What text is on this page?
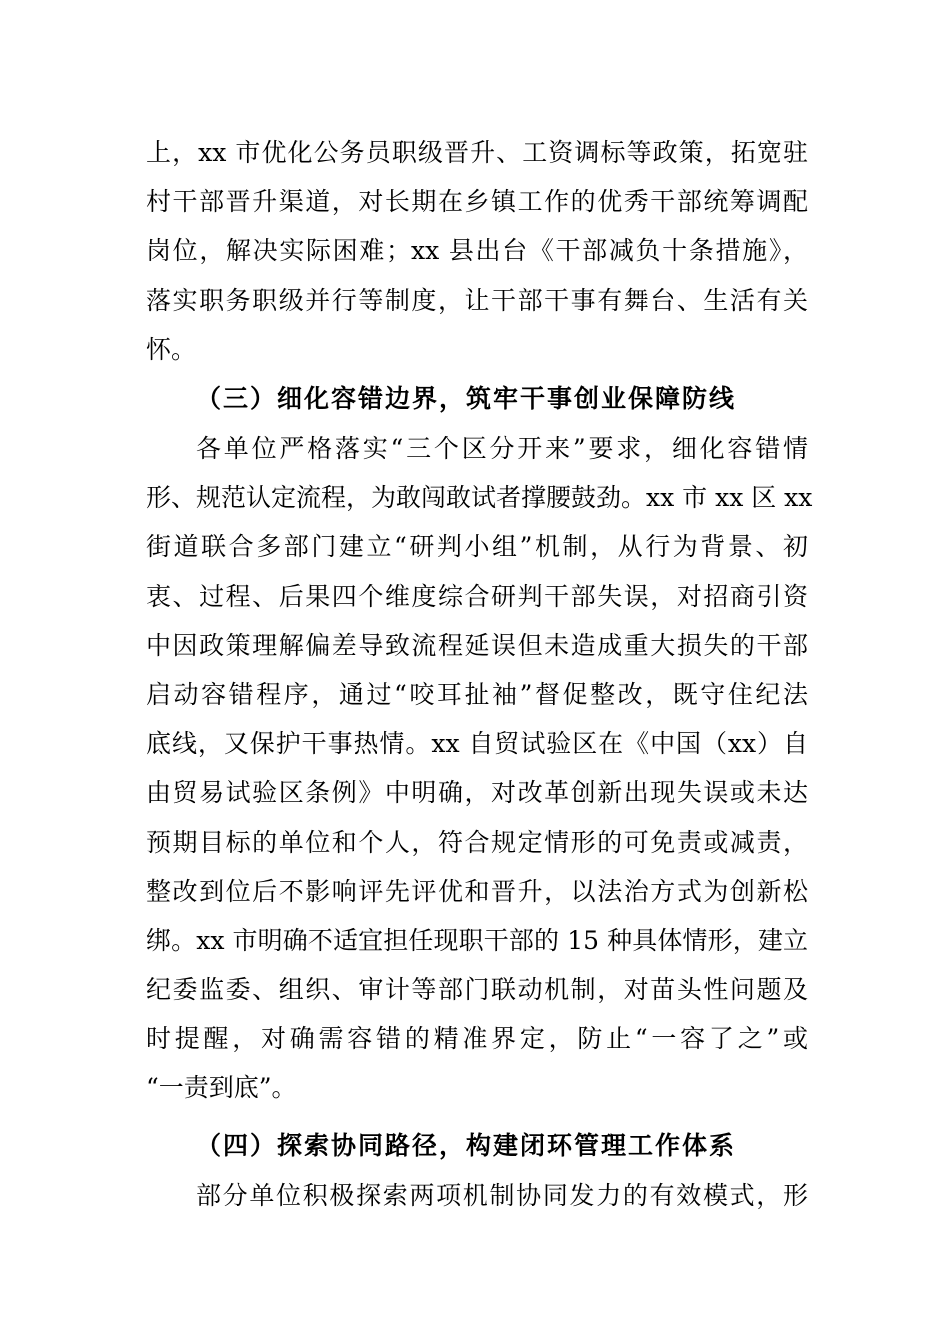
上，xx 市优化公务员职级晋升、工资调标等政策，拓宽驻
村干部晋升渠道，对长期在乡镇工作的优秀干部统筹调配
岗位，解决实际困难；xx 县出台《干部减负十条措施》，
落实职务职级并行等制度，让干部干事有舞台、生活有关
怀。
（三）细化容错边界，筑牢干事创业保障防线
各单位严格落实“三个区分开来”要求，细化容错情
形、规范认定流程，为敢闯敢试者撑腰鼓劲。xx 市 xx 区 xx
街道联合多部门建立“研判小组”机制，从行为背景、初
衷、过程、后果四个维度综合研判干部失误，对招商引资
中因政策理解偏差导致流程延误但未造成重大损失的干部
启动容错程序，通过“咬耳扯袖”督促整改，既守住纪法
底线，又保护干事热情。xx 自贸试验区在《中国（xx）自
由贸易试验区条例》中明确，对改革创新出现失误或未达
预期目标的单位和个人，符合规定情形的可免责或减责，
整改到位后不影响评先评优和晋升，以法治方式为创新松
绑。xx 市明确不适宜担任现职干部的 15 种具体情形，建立
纪委监委、组织、审计等部门联动机制，对苗头性问题及
时提醒，对确需容错的精准界定，防止“一容了之”或
“一责到底”。
（四）探索协同路径，构建闭环管理工作体系
部分单位积极探索两项机制协同发力的有效模式，形
